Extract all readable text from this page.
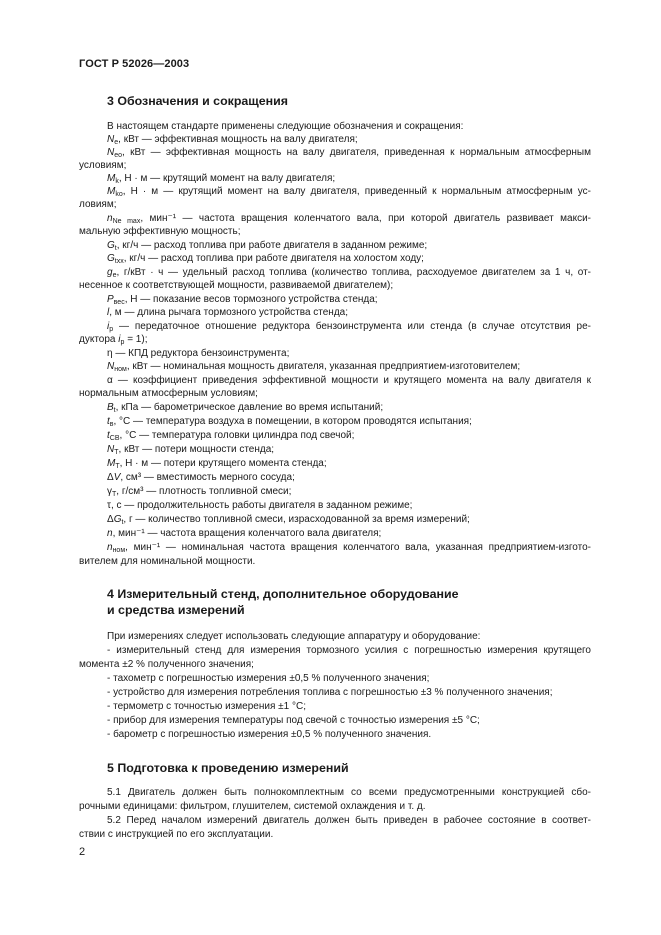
ГОСТ Р 52026—2003
3 Обозначения и сокращения
В настоящем стандарте применены следующие обозначения и сокращения:
$N_e$, кВт — эффективная мощность на валу двигателя;
$N_{eo}$, кВт — эффективная мощность на валу двигателя, приведенная к нормальным атмосферным
условиям;
$M_k$, Н · м — крутящий момент на валу двигателя;
$M_{ko}$, Н · м — крутящий момент на валу двигателя, приведенный к нормальным атмосферным ус-
ловиям;
$n_{Ne max}$, мин⁻¹ — частота вращения коленчатого вала, при которой двигатель развивает макси-
мальную эффективную мощность;
$G_t$, кг/ч — расход топлива при работе двигателя в заданном режиме;
$G_{txx}$, кг/ч — расход топлива при работе двигателя на холостом ходу;
$g_e$, г/кВт · ч — удельный расход топлива (количество топлива, расходуемое двигателем за 1 ч, от-
несенное к соответствующей мощности, развиваемой двигателем);
$P_{вес}$, Н — показание весов тормозного устройства стенда;
l, м — длина рычага тормозного устройства стенда;
$i_p$ — передаточное отношение редуктора бензоинструмента или стенда (в случае отсутствия ре-
дуктора $i_p = 1$);
η — КПД редуктора бензоинструмента;
$N_{ном}$, кВт — номинальная мощность двигателя, указанная предприятием-изготовителем;
α — коэффициент приведения эффективной мощности и крутящего момента на валу двигателя к
нормальным атмосферным условиям;
$B_t$, кПа — барометрическое давление во время испытаний;
$t_в$, °С — температура воздуха в помещении, в котором проводятся испытания;
$t_{СВ}$, °С — температура головки цилиндра под свечой;
$N_T$, кВт — потери мощности стенда;
$M_T$, Н · м — потери крутящего момента стенда;
ΔV, см³ — вместимость мерного сосуда;
$\gamma_T$, г/см³ — плотность топливной смеси;
τ, с — продолжительность работы двигателя в заданном режиме;
$\Delta G_t$, г — количество топливной смеси, израсходованной за время измерений;
n, мин⁻¹ — частота вращения коленчатого вала двигателя;
$n_{ном}$, мин⁻¹ — номинальная частота вращения коленчатого вала, указанная предприятием-изгото-
вителем для номинальной мощности.
4 Измерительный стенд, дополнительное оборудование
и средства измерений
При измерениях следует использовать следующие аппаратуру и оборудование:
- измерительный стенд для измерения тормозного усилия с погрешностью измерения крутящего
момента ±2 % полученного значения;
- тахометр с погрешностью измерения ±0,5 % полученного значения;
- устройство для измерения потребления топлива с погрешностью ±3 % полученного значения;
- термометр с точностью измерения ±1 °С;
- прибор для измерения температуры под свечой с точностью измерения ±5 °С;
- барометр с погрешностью измерения ±0,5 % полученного значения.
5 Подготовка к проведению измерений
5.1 Двигатель должен быть полнокомплектным со всеми предусмотренными конструкцией сбо-
рочными единицами: фильтром, глушителем, системой охлаждения и т. д.
5.2 Перед началом измерений двигатель должен быть приведен в рабочее состояние в соответ-
ствии с инструкцией по его эксплуатации.
2
